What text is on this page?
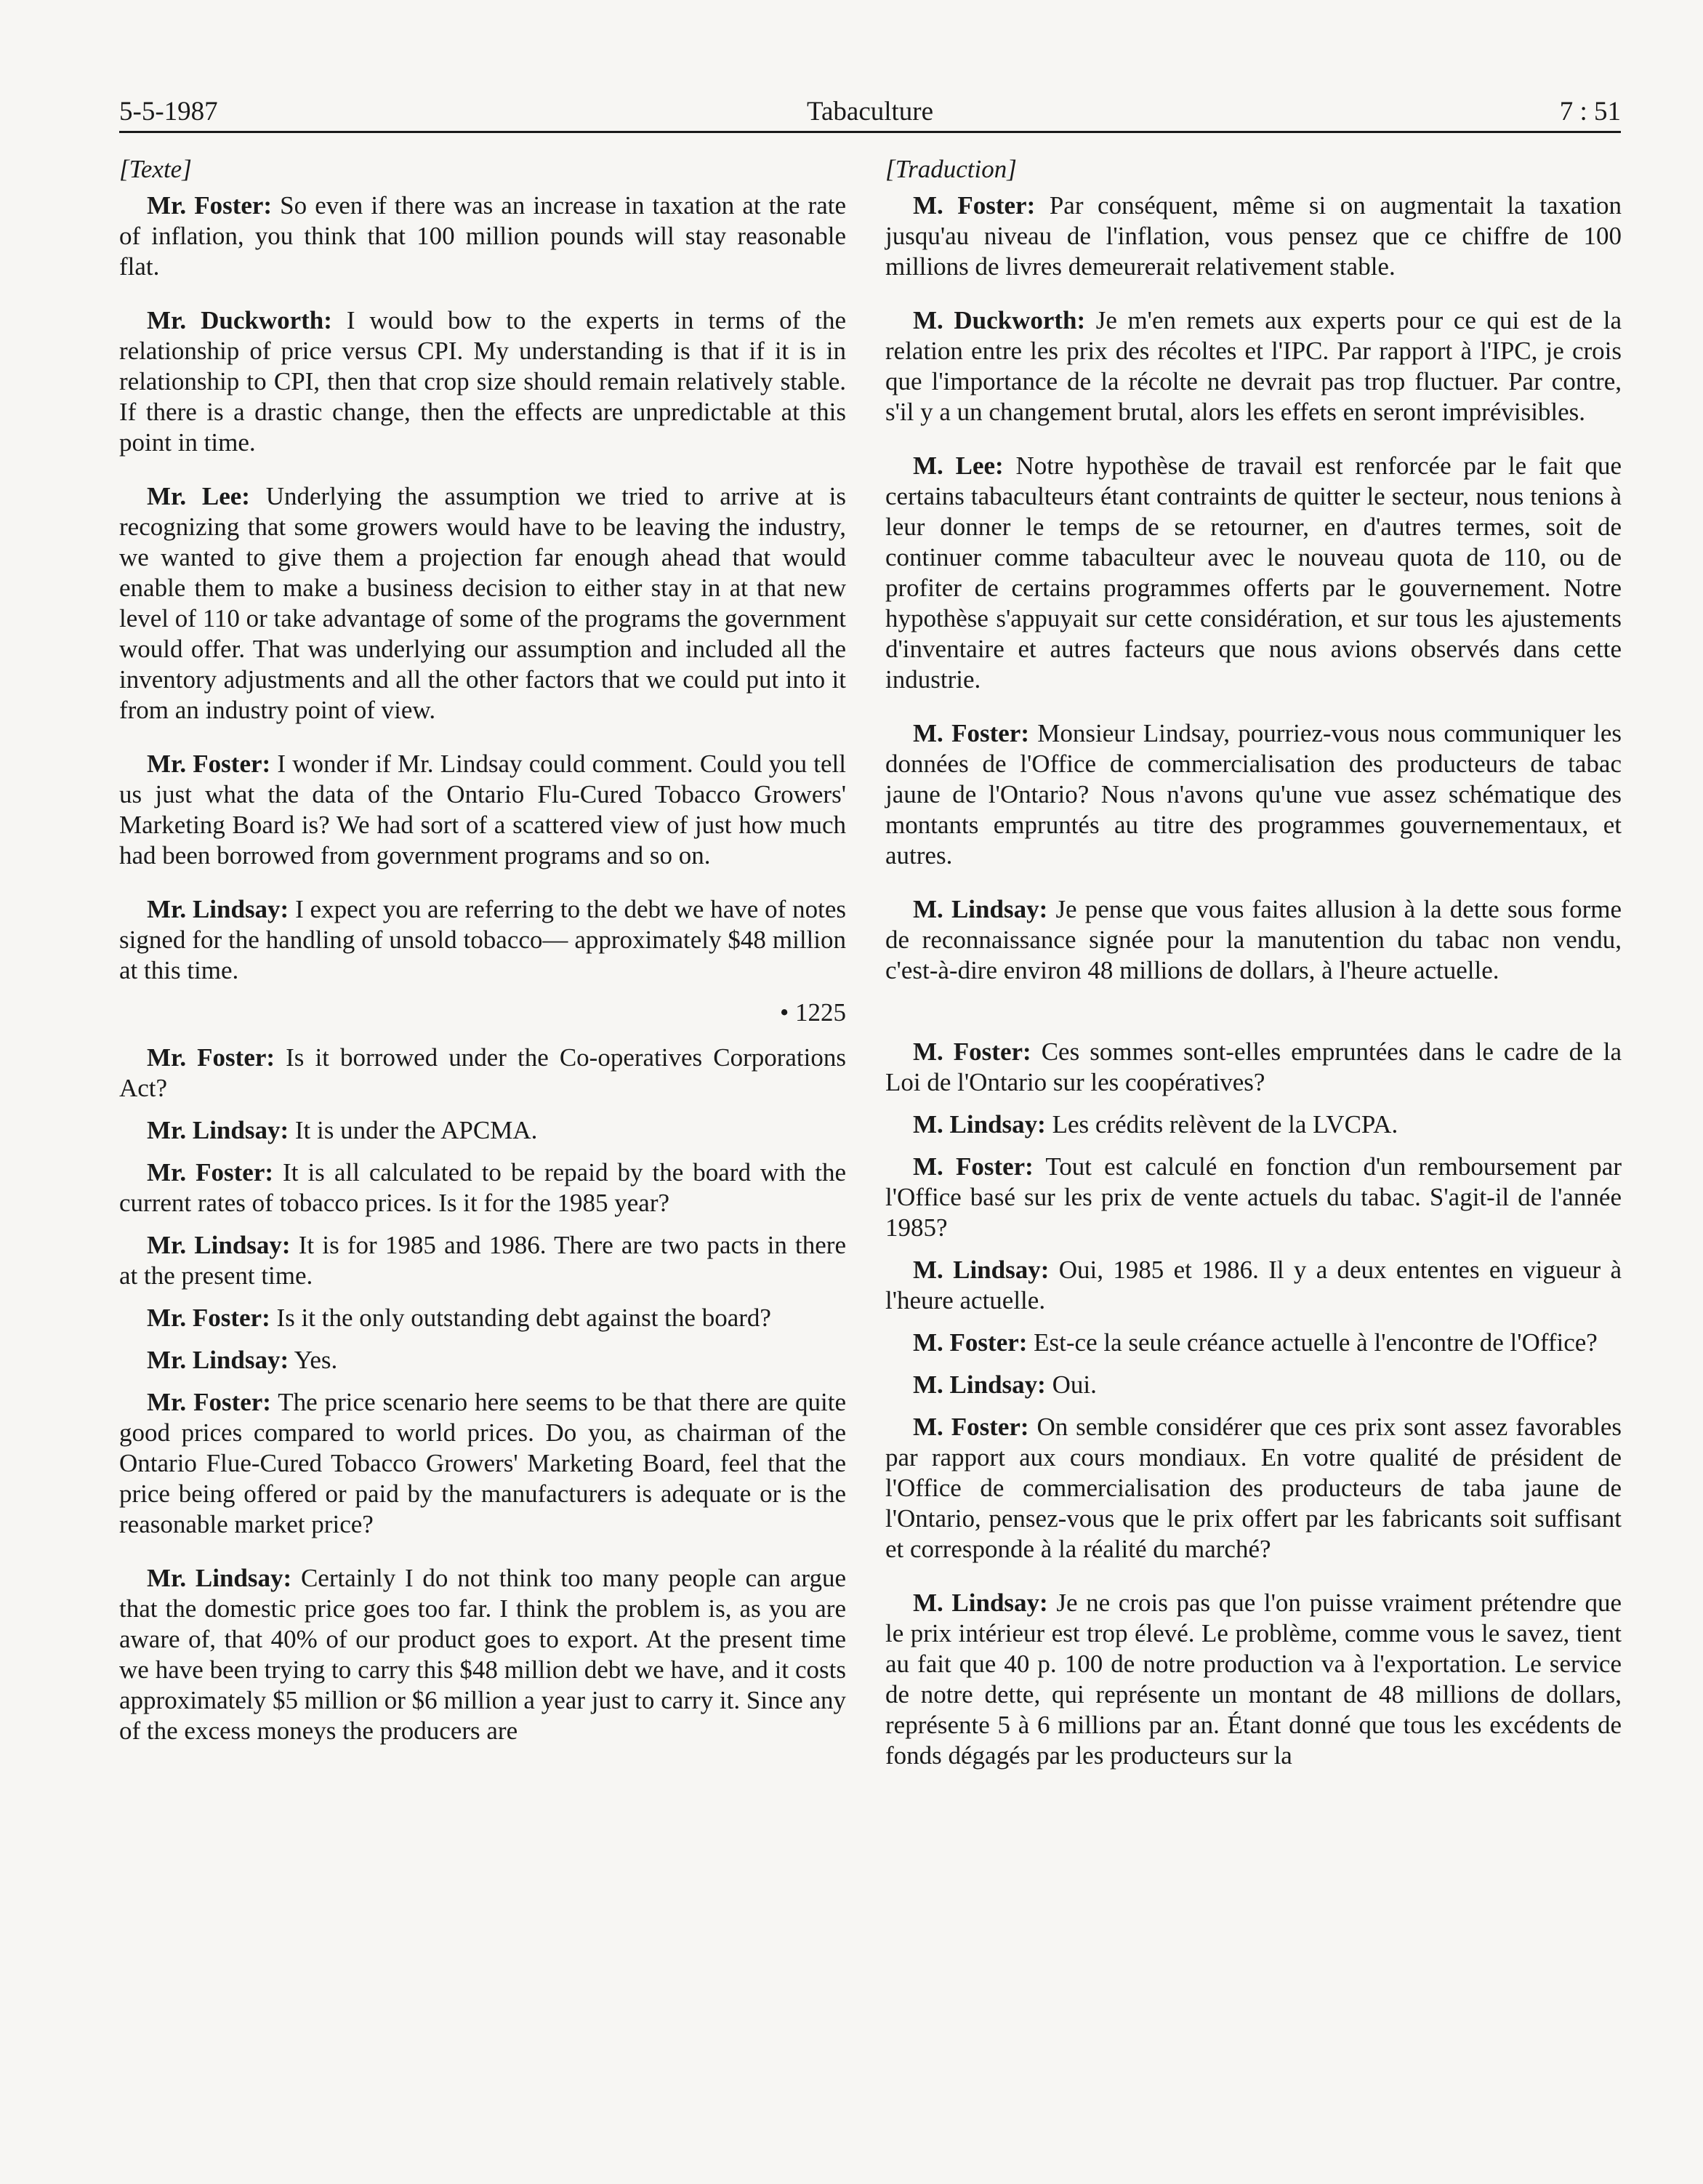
5-5-1987	Tabaculture	7 : 51
[Texte]

Mr. Foster: So even if there was an increase in taxation at the rate of inflation, you think that 100 million pounds will stay reasonable flat.

Mr. Duckworth: I would bow to the experts in terms of the relationship of price versus CPI. My understanding is that if it is in relationship to CPI, then that crop size should remain relatively stable. If there is a drastic change, then the effects are unpredictable at this point in time.

Mr. Lee: Underlying the assumption we tried to arrive at is recognizing that some growers would have to be leaving the industry, we wanted to give them a projection far enough ahead that would enable them to make a business decision to either stay in at that new level of 110 or take advantage of some of the programs the government would offer. That was underlying our assumption and included all the inventory adjustments and all the other factors that we could put into it from an industry point of view.

Mr. Foster: I wonder if Mr. Lindsay could comment. Could you tell us just what the data of the Ontario Flu-Cured Tobacco Growers' Marketing Board is? We had sort of a scattered view of just how much had been borrowed from government programs and so on.

Mr. Lindsay: I expect you are referring to the debt we have of notes signed for the handling of unsold tobacco— approximately $48 million at this time.

• 1225

Mr. Foster: Is it borrowed under the Co-operatives Corporations Act?

Mr. Lindsay: It is under the APCMA.

Mr. Foster: It is all calculated to be repaid by the board with the current rates of tobacco prices. Is it for the 1985 year?

Mr. Lindsay: It is for 1985 and 1986. There are two pacts in there at the present time.

Mr. Foster: Is it the only outstanding debt against the board?

Mr. Lindsay: Yes.

Mr. Foster: The price scenario here seems to be that there are quite good prices compared to world prices. Do you, as chairman of the Ontario Flue-Cured Tobacco Growers' Marketing Board, feel that the price being offered or paid by the manufacturers is adequate or is the reasonable market price?

Mr. Lindsay: Certainly I do not think too many people can argue that the domestic price goes too far. I think the problem is, as you are aware of, that 40% of our product goes to export. At the present time we have been trying to carry this $48 million debt we have, and it costs approximately $5 million or $6 million a year just to carry it. Since any of the excess moneys the producers are

[Traduction]

M. Foster: Par conséquent, même si on augmentait la taxation jusqu'au niveau de l'inflation, vous pensez que ce chiffre de 100 millions de livres demeurerait relativement stable.

M. Duckworth: Je m'en remets aux experts pour ce qui est de la relation entre les prix des récoltes et l'IPC. Par rapport à l'IPC, je crois que l'importance de la récolte ne devrait pas trop fluctuer. Par contre, s'il y a un changement brutal, alors les effets en seront imprévisibles.

M. Lee: Notre hypothèse de travail est renforcée par le fait que certains tabaculteurs étant contraints de quitter le secteur, nous tenions à leur donner le temps de se retourner, en d'autres termes, soit de continuer comme tabaculteur avec le nouveau quota de 110, ou de profiter de certains programmes offerts par le gouvernement. Notre hypothèse s'appuyait sur cette considération, et sur tous les ajustements d'inventaire et autres facteurs que nous avions observés dans cette industrie.

M. Foster: Monsieur Lindsay, pourriez-vous nous communiquer les données de l'Office de commercialisation des producteurs de tabac jaune de l'Ontario? Nous n'avons qu'une vue assez schématique des montants empruntés au titre des programmes gouvernementaux, et autres.

M. Lindsay: Je pense que vous faites allusion à la dette sous forme de reconnaissance signée pour la manutention du tabac non vendu, c'est-à-dire environ 48 millions de dollars, à l'heure actuelle.

M. Foster: Ces sommes sont-elles empruntées dans le cadre de la Loi de l'Ontario sur les coopératives?

M. Lindsay: Les crédits relèvent de la LVCPA.

M. Foster: Tout est calculé en fonction d'un remboursement par l'Office basé sur les prix de vente actuels du tabac. S'agit-il de l'année 1985?

M. Lindsay: Oui, 1985 et 1986. Il y a deux ententes en vigueur à l'heure actuelle.

M. Foster: Est-ce la seule créance actuelle à l'encontre de l'Office?

M. Lindsay: Oui.

M. Foster: On semble considérer que ces prix sont assez favorables par rapport aux cours mondiaux. En votre qualité de président de l'Office de commercialisation des producteurs de taba jaune de l'Ontario, pensez-vous que le prix offert par les fabricants soit suffisant et corresponde à la réalité du marché?

M. Lindsay: Je ne crois pas que l'on puisse vraiment prétendre que le prix intérieur est trop élevé. Le problème, comme vous le savez, tient au fait que 40 p. 100 de notre production va à l'exportation. Le service de notre dette, qui représente un montant de 48 millions de dollars, représente 5 à 6 millions par an. Étant donné que tous les excédents de fonds dégagés par les producteurs sur la
